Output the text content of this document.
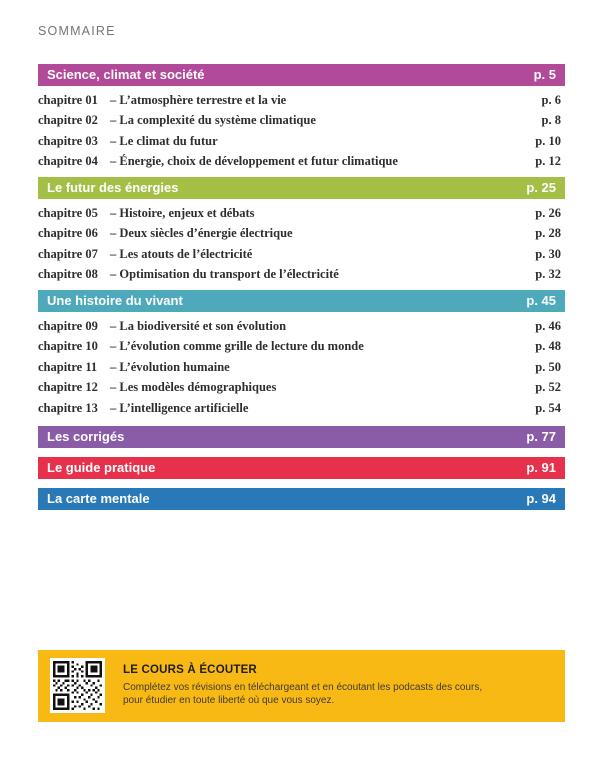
SOMMAIRE
Science, climat et société	p. 5
chapitre 01 – L’atmosphère terrestre et la vie	p. 6
chapitre 02 – La complexité du système climatique	p. 8
chapitre 03 – Le climat du futur	p. 10
chapitre 04 – Énergie, choix de développement et futur climatique	p. 12
Le futur des énergies	p. 25
chapitre 05 – Histoire, enjeux et débats	p. 26
chapitre 06 – Deux siècles d’énergie électrique	p. 28
chapitre 07 – Les atouts de l’électricité	p. 30
chapitre 08 – Optimisation du transport de l’électricité	p. 32
Une histoire du vivant	p. 45
chapitre 09 – La biodiversité et son évolution	p. 46
chapitre 10 – L’évolution comme grille de lecture du monde	p. 48
chapitre 11	– L’évolution humaine	p. 50
chapitre 12 – Les modèles démographiques	p. 52
chapitre 13 – L’intelligence artificielle	p. 54
Les corrigés	p. 77
Le guide pratique	p. 91
La carte mentale	p. 94
LE COURS À ÉCOUTER
Complétez vos révisions en téléchargeant et en écoutant les podcasts des cours,
pour étudier en toute liberté où que vous soyez.
